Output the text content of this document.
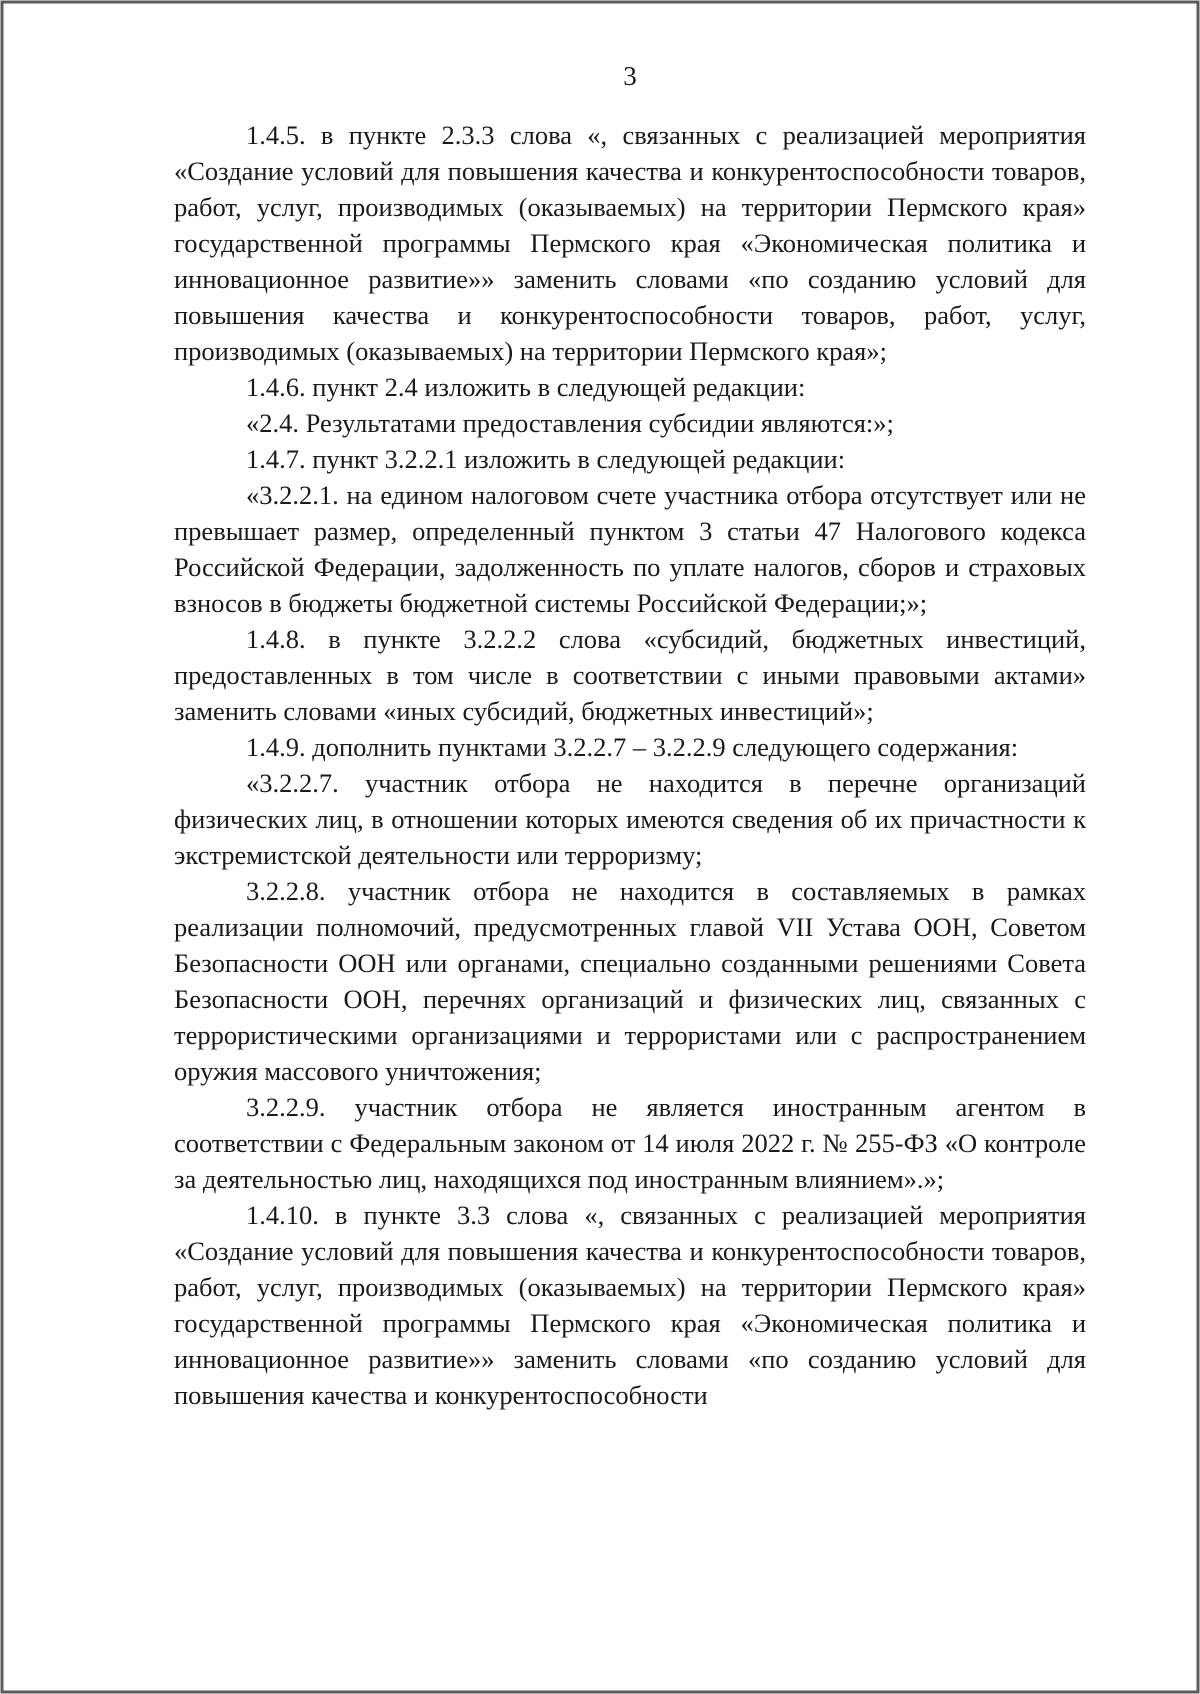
3

1.4.5. в пункте 2.3.3 слова «, связанных с реализацией мероприятия «Создание условий для повышения качества и конкурентоспособности товаров, работ, услуг, производимых (оказываемых) на территории Пермского края» государственной программы Пермского края «Экономическая политика и инновационное развитие»» заменить словами «по созданию условий для повышения качества и конкурентоспособности товаров, работ, услуг, производимых (оказываемых) на территории Пермского края»;

1.4.6. пункт 2.4 изложить в следующей редакции:

«2.4. Результатами предоставления субсидии являются:»;

1.4.7. пункт 3.2.2.1 изложить в следующей редакции:

«3.2.2.1. на едином налоговом счете участника отбора отсутствует или не превышает размер, определенный пунктом 3 статьи 47 Налогового кодекса Российской Федерации, задолженность по уплате налогов, сборов и страховых взносов в бюджеты бюджетной системы Российской Федерации;»;

1.4.8. в пункте 3.2.2.2 слова «субсидий, бюджетных инвестиций, предоставленных в том числе в соответствии с иными правовыми актами» заменить словами «иных субсидий, бюджетных инвестиций»;

1.4.9. дополнить пунктами 3.2.2.7 – 3.2.2.9 следующего содержания:

«3.2.2.7. участник отбора не находится в перечне организаций физических лиц, в отношении которых имеются сведения об их причастности к экстремистской деятельности или терроризму;

3.2.2.8. участник отбора не находится в составляемых в рамках реализации полномочий, предусмотренных главой VII Устава ООН, Советом Безопасности ООН или органами, специально созданными решениями Совета Безопасности ООН, перечнях организаций и физических лиц, связанных с террористическими организациями и террористами или с распространением оружия массового уничтожения;

3.2.2.9. участник отбора не является иностранным агентом в соответствии с Федеральным законом от 14 июля 2022 г. № 255-ФЗ «О контроле за деятельностью лиц, находящихся под иностранным влиянием».»;

1.4.10. в пункте 3.3 слова «, связанных с реализацией мероприятия «Создание условий для повышения качества и конкурентоспособности товаров, работ, услуг, производимых (оказываемых) на территории Пермского края» государственной программы Пермского края «Экономическая политика и инновационное развитие»» заменить словами «по созданию условий для повышения качества и конкурентоспособности
